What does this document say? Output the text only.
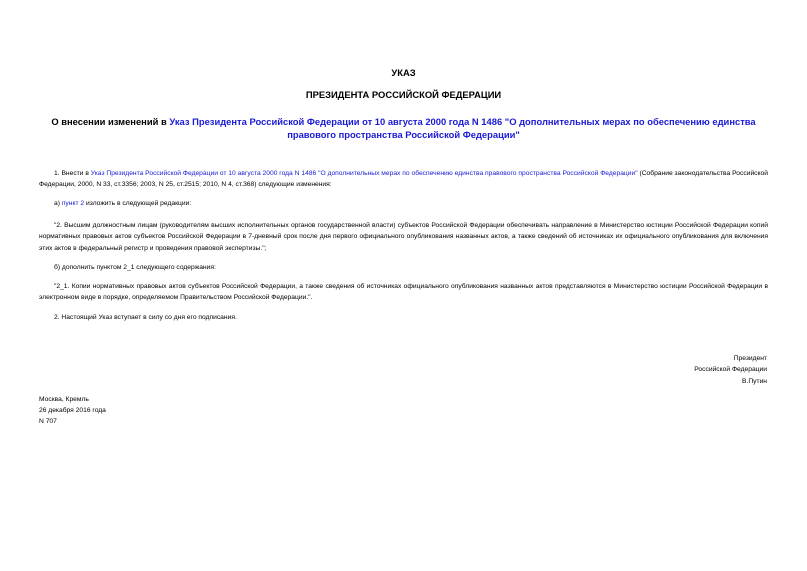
УКАЗ

ПРЕЗИДЕНТА РОССИЙСКОЙ ФЕДЕРАЦИИ

О внесении изменений в Указ Президента Российской Федерации от 10 августа 2000 года N 1486 "О дополнительных мерах по обеспечению единства правового пространства Российской Федерации"

1. Внести в Указ Президента Российской Федерации от 10 августа 2000 года N 1486 "О дополнительных мерах по обеспечению единства правового пространства Российской Федерации" (Собрание законодательства Российской Федерации, 2000, N 33, ст.3356; 2003, N 25, ст.2515; 2010, N 4, ст.368) следующие изменения:

а) пункт 2 изложить в следующей редакции:

"2. Высшим должностным лицам (руководителям высших исполнительных органов государственной власти) субъектов Российской Федерации обеспечивать направление в Министерство юстиции Российской Федерации копий нормативных правовых актов субъектов Российской Федерации в 7-дневный срок после дня первого официального опубликования названных актов, а также сведений об источниках их официального опубликования для включения этих актов в федеральный регистр и проведения правовой экспертизы.";

б) дополнить пунктом 2_1 следующего содержания:

"2_1. Копии нормативных правовых актов субъектов Российской Федерации, а также сведения об источниках официального опубликования названных актов представляются в Министерство юстиции Российской Федерации в электронном виде в порядке, определяемом Правительством Российской Федерации.".

2. Настоящий Указ вступает в силу со дня его подписания.

Президент
Российской Федерации
В.Путин
Москва, Кремль
26 декабря 2016 года
N 707
